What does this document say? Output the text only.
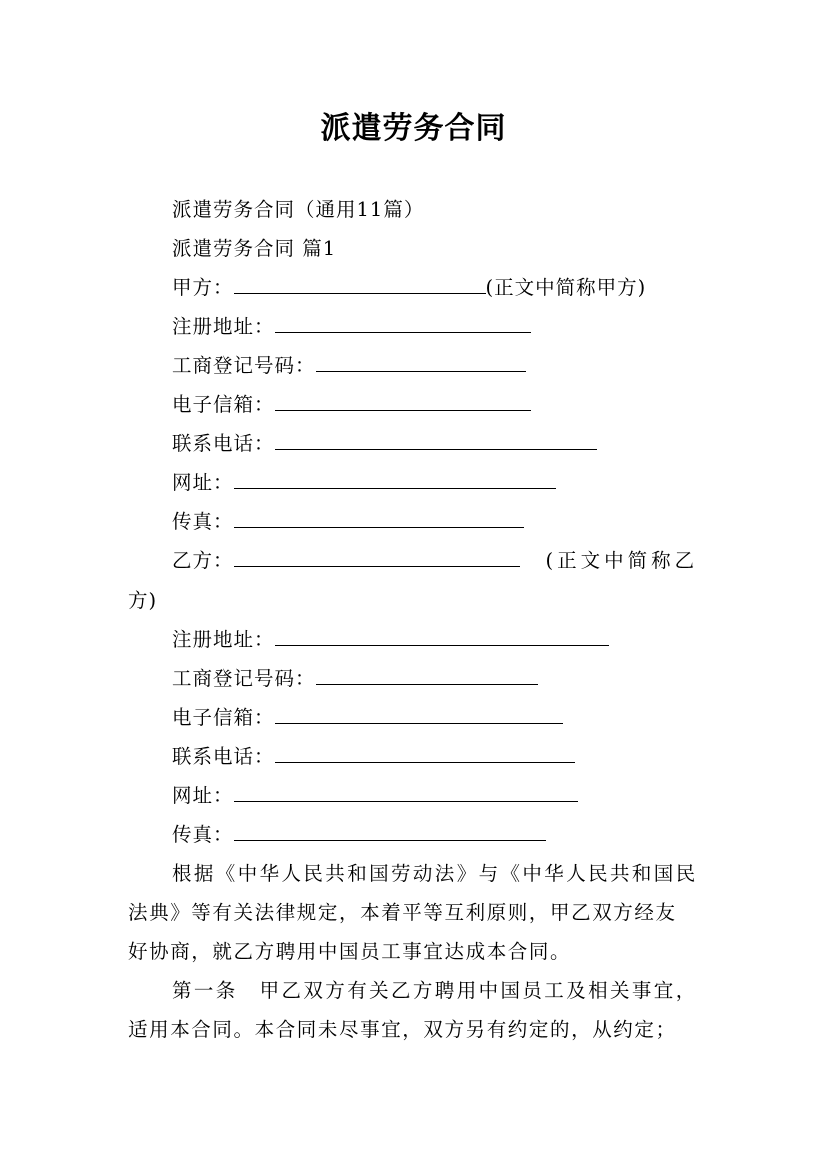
派遣劳务合同
派遣劳务合同（通用11篇）
派遣劳务合同 篇1
甲方：	(正文中简称甲方)
注册地址：
工商登记号码：
电子信箱：
联系电话：
网址：
传真：
乙方：	(正文中简称乙
方)
注册地址：
工商登记号码：
电子信箱：
联系电话：
网址：
传真：
根据《中华人民共和国劳动法》与《中华人民共和国民
法典》等有关法律规定，本着平等互利原则，甲乙双方经友
好协商，就乙方聘用中国员工事宜达成本合同。
第一条　甲乙双方有关乙方聘用中国员工及相关事宜，
适用本合同。本合同未尽事宜，双方另有约定的，从约定；
